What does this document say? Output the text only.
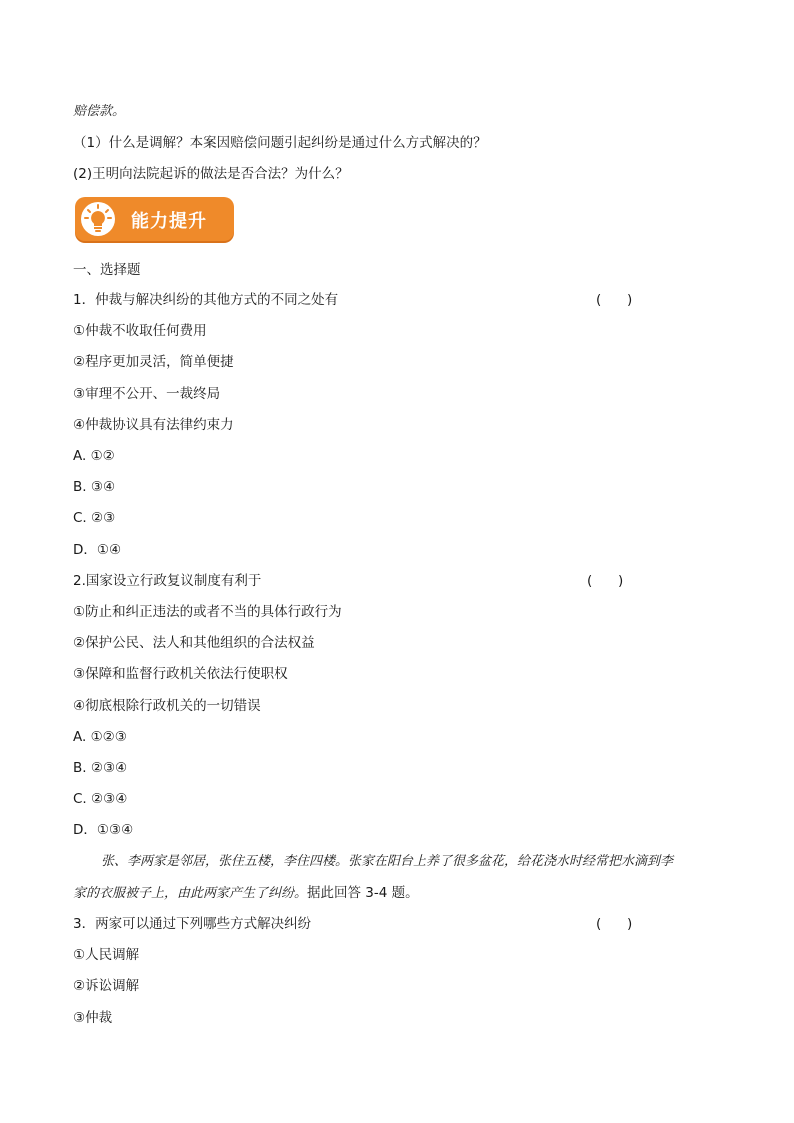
赔偿款。
（1）什么是调解？本案因赔偿问题引起纠纷是通过什么方式解决的？
(2)王明向法院起诉的做法是否合法？为什么？
能力提升
一、选择题
1．仲裁与解决纠纷的其他方式的不同之处有	(      )
①仲裁不收取任何费用
②程序更加灵活，简单便捷
③审理不公开、一裁终局
④仲裁协议具有法律约束力
A. ①②
B. ③④
C. ②③
D．①④
2.国家设立行政复议制度有利于	(      )
①防止和纠正违法的或者不当的具体行政行为
②保护公民、法人和其他组织的合法权益
③保障和监督行政机关依法行使职权
④彻底根除行政机关的一切错误
A. ①②③
B. ②③④
C. ②③④
D．①③④
张、李两家是邻居，张住五楼，李住四楼。张家在阳台上养了很多盆花，给花浇水时经常把水滴到李
家的衣服被子上，由此两家产生了纠纷。据此回答 3-4 题。
3．两家可以通过下列哪些方式解决纠纷	(      )
①人民调解
②诉讼调解
③仲裁
